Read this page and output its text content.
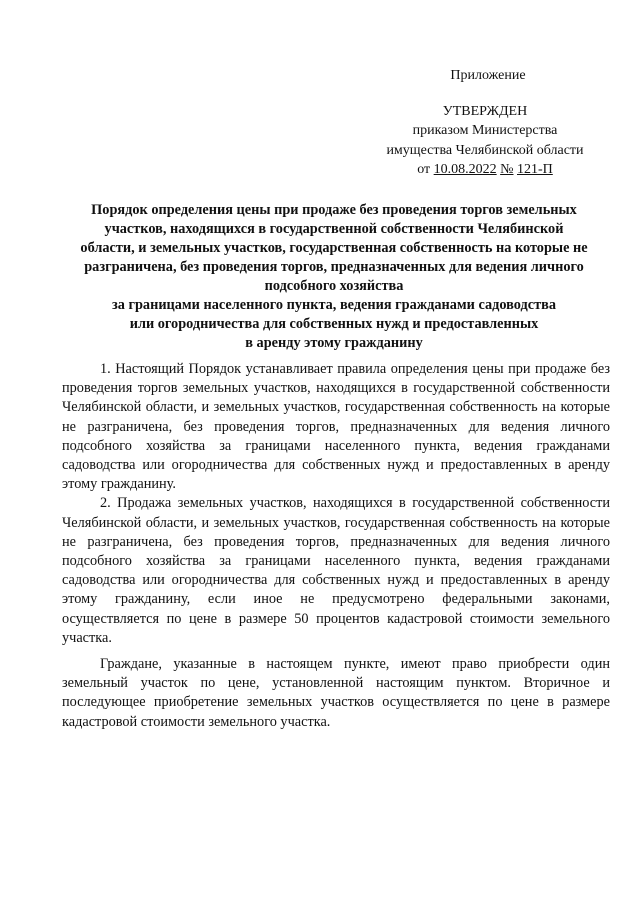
Приложение
УТВЕРЖДЕН
приказом Министерства
имущества Челябинской области
от 10.08.2022 № 121-П
Порядок определения цены при продаже без проведения торгов земельных
участков, находящихся в государственной собственности Челябинской
области, и земельных участков, государственная собственность на которые не
разграничена, без проведения торгов, предназначенных для ведения личного
подсобного хозяйства
за границами населенного пункта, ведения гражданами садоводства
или огородничества для собственных нужд и предоставленных
в аренду этому гражданину

1. Настоящий Порядок устанавливает правила определения цены при продаже без проведения торгов земельных участков, находящихся в государственной собственности Челябинской области, и земельных участков, государственная собственность на которые не разграничена, без проведения торгов, предназначенных для ведения личного подсобного хозяйства за границами населенного пункта, ведения гражданами садоводства или огородничества для собственных нужд и предоставленных в аренду этому гражданину.

2. Продажа земельных участков, находящихся в государственной собственности Челябинской области, и земельных участков, государственная собственность на которые не разграничена, без проведения торгов, предназначенных для ведения личного подсобного хозяйства за границами населенного пункта, ведения гражданами садоводства или огородничества для собственных нужд и предоставленных в аренду этому гражданину, если иное не предусмотрено федеральными законами, осуществляется по цене в размере 50 процентов кадастровой стоимости земельного участка.

Граждане, указанные в настоящем пункте, имеют право приобрести один земельный участок по цене, установленной настоящим пунктом. Вторичное и последующее приобретение земельных участков осуществляется по цене в размере кадастровой стоимости земельного участка.
